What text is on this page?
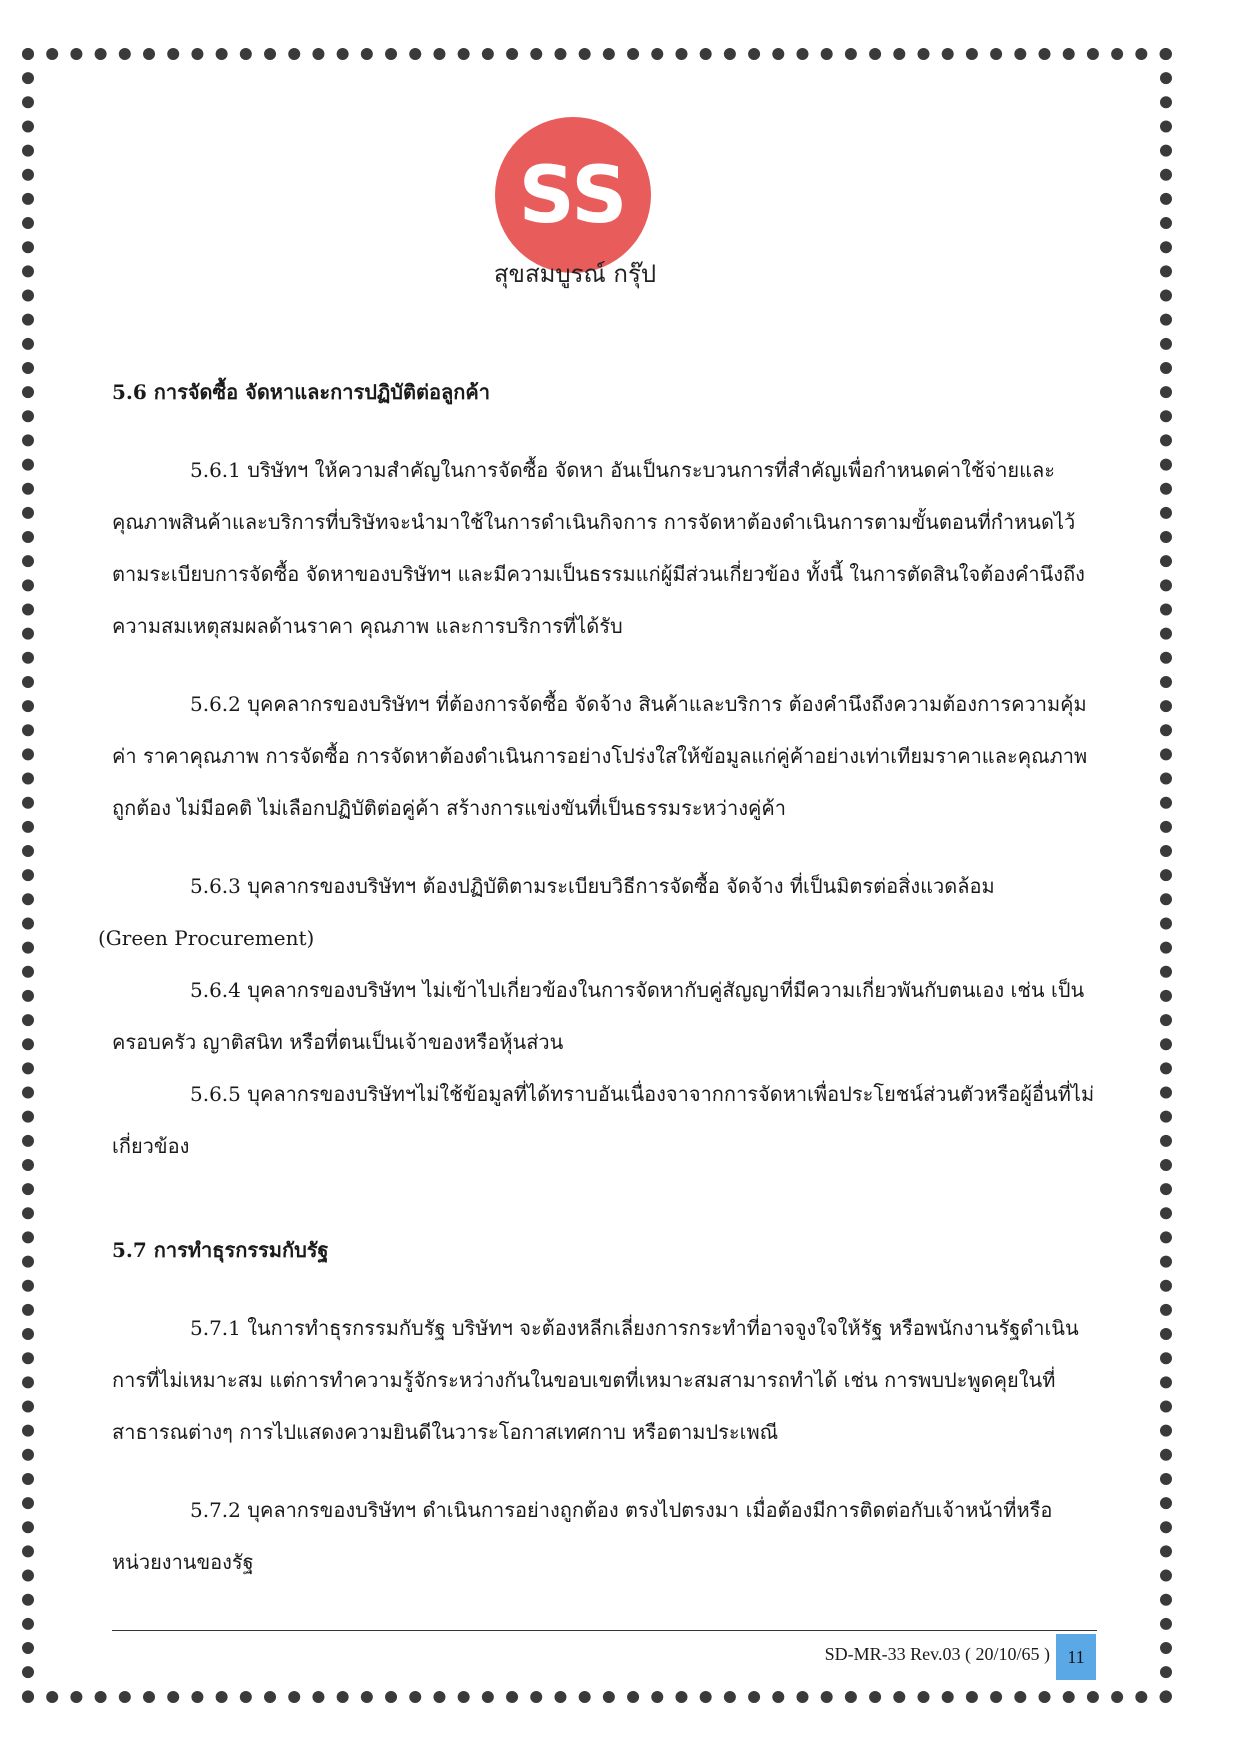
SS
สุขสมบูรณ์ กรุ๊ป

5.6 การจัดซื้อ จัดหาและการปฏิบัติต่อลูกค้า

5.6.1 บริษัทฯ ให้ความสำคัญในการจัดซื้อ จัดหา อันเป็นกระบวนการที่สำคัญเพื่อกำหนดค่าใช้จ่ายและคุณภาพสินค้าและบริการที่บริษัทจะนำมาใช้ในการดำเนินกิจการ การจัดหาต้องดำเนินการตามขั้นตอนที่กำหนดไว้ตามระเบียบการจัดซื้อ จัดหาของบริษัทฯ และมีความเป็นธรรมแก่ผู้มีส่วนเกี่ยวข้อง ทั้งนี้ ในการตัดสินใจต้องคำนึงถึงความสมเหตุสมผลด้านราคา คุณภาพ และการบริการที่ได้รับ

5.6.2 บุคคลากรของบริษัทฯ ที่ต้องการจัดซื้อ จัดจ้าง สินค้าและบริการ ต้องคำนึงถึงความต้องการความคุ้มค่า ราคาคุณภาพ การจัดซื้อ การจัดหาต้องดำเนินการอย่างโปร่งใสให้ข้อมูลแก่คู่ค้าอย่างเท่าเทียมราคาและคุณภาพ ถูกต้อง ไม่มีอคติ ไม่เลือกปฏิบัติต่อคู่ค้า สร้างการแข่งขันที่เป็นธรรมระหว่างคู่ค้า

5.6.3 บุคลากรของบริษัทฯ ต้องปฏิบัติตามระเบียบวิธีการจัดซื้อ จัดจ้าง ที่เป็นมิตรต่อสิ่งแวดล้อม

(Green Procurement)

5.6.4 บุคลากรของบริษัทฯ ไม่เข้าไปเกี่ยวข้องในการจัดหากับคู่สัญญาที่มีความเกี่ยวพันกับตนเอง เช่น เป็นครอบครัว ญาติสนิท หรือที่ตนเป็นเจ้าของหรือหุ้นส่วน

5.6.5 บุคลากรของบริษัทฯไม่ใช้ข้อมูลที่ได้ทราบอันเนื่องจาจากการจัดหาเพื่อประโยชน์ส่วนตัวหรือผู้อื่นที่ไม่เกี่ยวข้อง

5.7 การทำธุรกรรมกับรัฐ

5.7.1 ในการทำธุรกรรมกับรัฐ บริษัทฯ จะต้องหลีกเลี่ยงการกระทำที่อาจจูงใจให้รัฐ หรือพนักงานรัฐดำเนินการที่ไม่เหมาะสม แต่การทำความรู้จักระหว่างกันในขอบเขตที่เหมาะสมสามารถทำได้ เช่น การพบปะพูดคุยในที่สาธารณต่างๆ การไปแสดงความยินดีในวาระโอกาสเทศกาบ หรือตามประเพณี

5.7.2 บุคลากรของบริษัทฯ ดำเนินการอย่างถูกต้อง ตรงไปตรงมา เมื่อต้องมีการติดต่อกับเจ้าหน้าที่หรือหน่วยงานของรัฐ

SD-MR-33 Rev.03 ( 20/10/65 ) 11
